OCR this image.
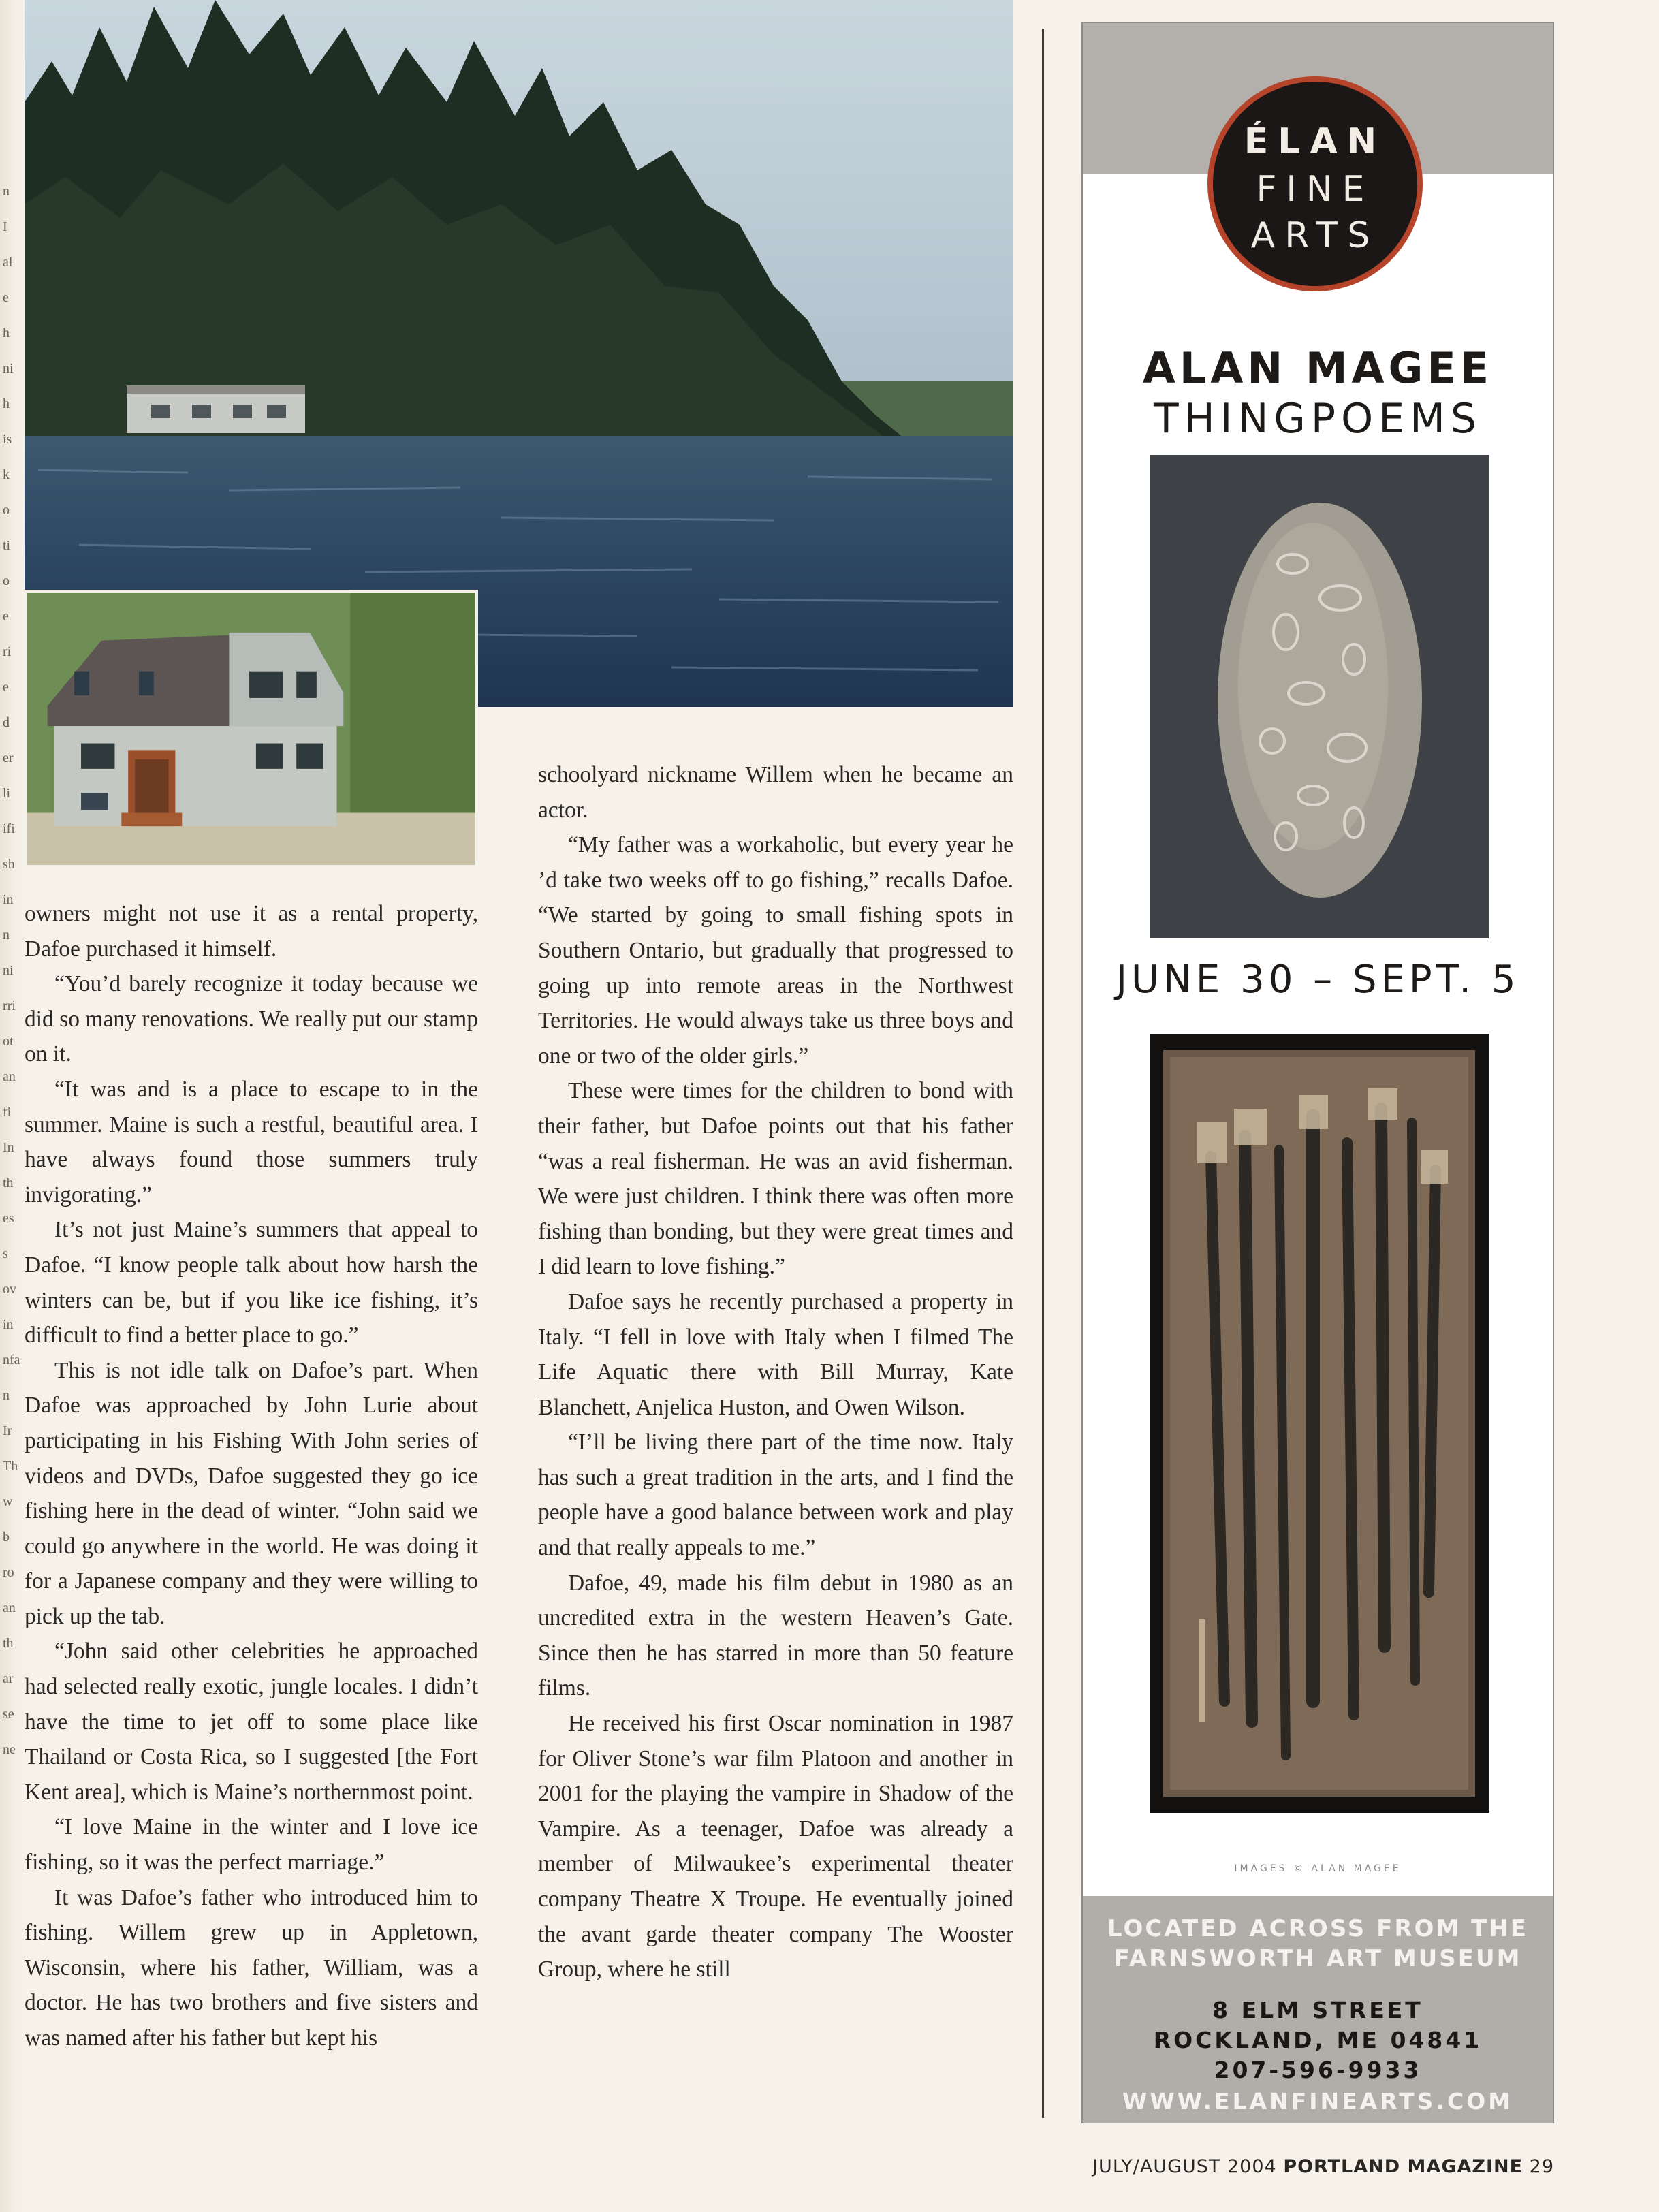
n
I
al
e
h
ni
h
is
k
o
ti
o
e
ri
e
d
er
li
ifi
sh
in
n
ni
rri
ot
an
fi
In
th
es
s
ov
in
nfa
n
Ir
Th
w
b
ro
an
th
ar
se
ne

owners might not use it as a rental property, Dafoe purchased it himself.

“You’d barely recognize it today because we did so many renovations. We really put our stamp on it.

“It was and is a place to escape to in the summer. Maine is such a restful, beautiful area. I have always found those summers truly invigorating.”

It’s not just Maine’s summers that appeal to Dafoe. “I know people talk about how harsh the winters can be, but if you like ice fishing, it’s difficult to find a better place to go.”

This is not idle talk on Dafoe’s part. When Dafoe was approached by John Lurie about participating in his Fishing With John series of videos and DVDs, Dafoe suggested they go ice fishing here in the dead of winter. “John said we could go anywhere in the world. He was doing it for a Japanese company and they were willing to pick up the tab.

“John said other celebrities he approached had selected really exotic, jungle locales. I didn’t have the time to jet off to some place like Thailand or Costa Rica, so I suggested [the Fort Kent area], which is Maine’s northernmost point.

“I love Maine in the winter and I love ice fishing, so it was the perfect marriage.”

It was Dafoe’s father who introduced him to fishing. Willem grew up in Appletown, Wisconsin, where his father, William, was a doctor. He has two brothers and five sisters and was named after his father but kept his

schoolyard nickname Willem when he became an actor.

“My father was a workaholic, but every year he ’d take two weeks off to go fishing,” recalls Dafoe. “We started by going to small fishing spots in Southern Ontario, but gradually that progressed to going up into remote areas in the Northwest Territories. He would always take us three boys and one or two of the older girls.”

These were times for the children to bond with their father, but Dafoe points out that his father “was a real fisherman. He was an avid fisherman. We were just children. I think there was often more fishing than bonding, but they were great times and I did learn to love fishing.”

Dafoe says he recently purchased a property in Italy. “I fell in love with Italy when I filmed The Life Aquatic there with Bill Murray, Kate Blanchett, Anjelica Huston, and Owen Wilson.

“I’ll be living there part of the time now. Italy has such a great tradition in the arts, and I find the people have a good balance between work and play and that really appeals to me.”

Dafoe, 49, made his film debut in 1980 as an uncredited extra in the western Heaven’s Gate. Since then he has starred in more than 50 feature films.

He received his first Oscar nomination in 1987 for Oliver Stone’s war film Platoon and another in 2001 for the playing the vampire in Shadow of the Vampire. As a teenager, Dafoe was already a member of Milwaukee’s experimental theater company Theatre X Troupe. He eventually joined the avant garde theater company The Wooster Group, where he still

ÉLAN
FINE
ARTS
ALAN MAGEE
THINGPOEMS
JUNE 30 – SEPT. 5
IMAGES © ALAN MAGEE
LOCATED ACROSS FROM THE
FARNSWORTH ART MUSEUM
8 ELM STREET
ROCKLAND, ME 04841
207-596-9933
WWW.ELANFINEARTS.COM
JULY/AUGUST 2004 PORTLAND MAGAZINE 29
